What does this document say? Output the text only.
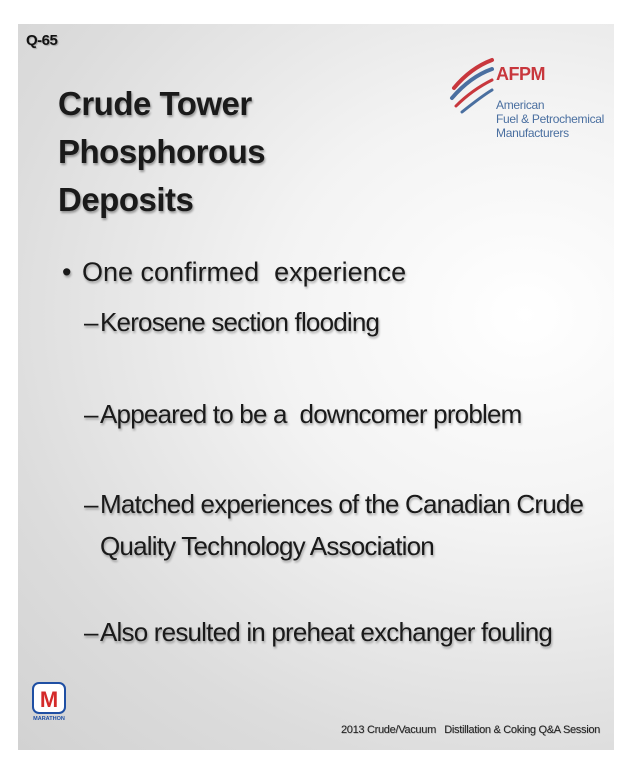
Q-65
Crude Tower Phosphorous
Deposits
AFPM
American
Fuel & Petrochemical
Manufacturers
• One confirmed  experience
– Kerosene section flooding
– Appeared to be a  downcomer problem
– Matched experiences of the Canadian Crude
Quality Technology Association
– Also resulted in preheat exchanger fouling
M
MARATHON
2013 Crude/Vacuum   Distillation & Coking Q&A Session
